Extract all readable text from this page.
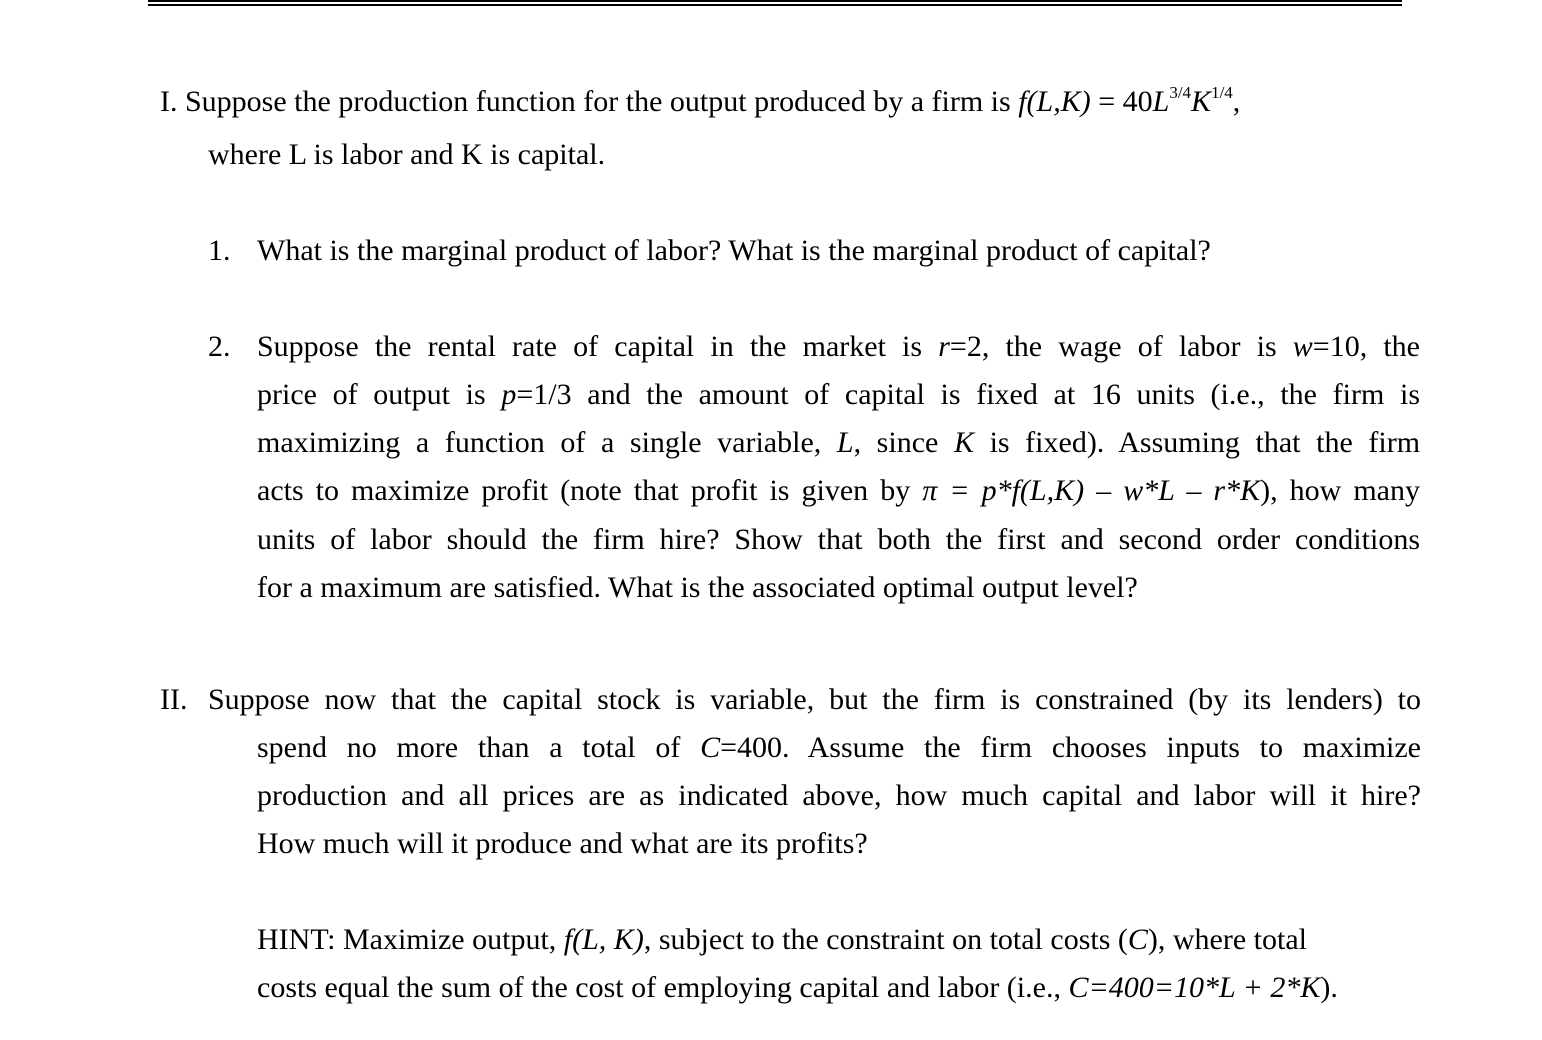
I. Suppose the production function for the output produced by a firm is $f(L,K) = 40L^{3/4}K^{1/4}$,
where L is labor and K is capital.
1. What is the marginal product of labor? What is the marginal product of capital?
2. Suppose the rental rate of capital in the market is r=2, the wage of labor is w=10, the
price of output is p=1/3 and the amount of capital is fixed at 16 units (i.e., the firm is
maximizing a function of a single variable, L, since K is fixed). Assuming that the firm
acts to maximize profit (note that profit is given by π = p*f(L,K) – w*L – r*K), how many
units of labor should the firm hire? Show that both the first and second order conditions
for a maximum are satisfied. What is the associated optimal output level?
II. Suppose now that the capital stock is variable, but the firm is constrained (by its lenders) to
spend no more than a total of C=400. Assume the firm chooses inputs to maximize
production and all prices are as indicated above, how much capital and labor will it hire?
How much will it produce and what are its profits?
HINT: Maximize output, f(L, K), subject to the constraint on total costs (C), where total
costs equal the sum of the cost of employing capital and labor (i.e., C=400=10*L + 2*K).
